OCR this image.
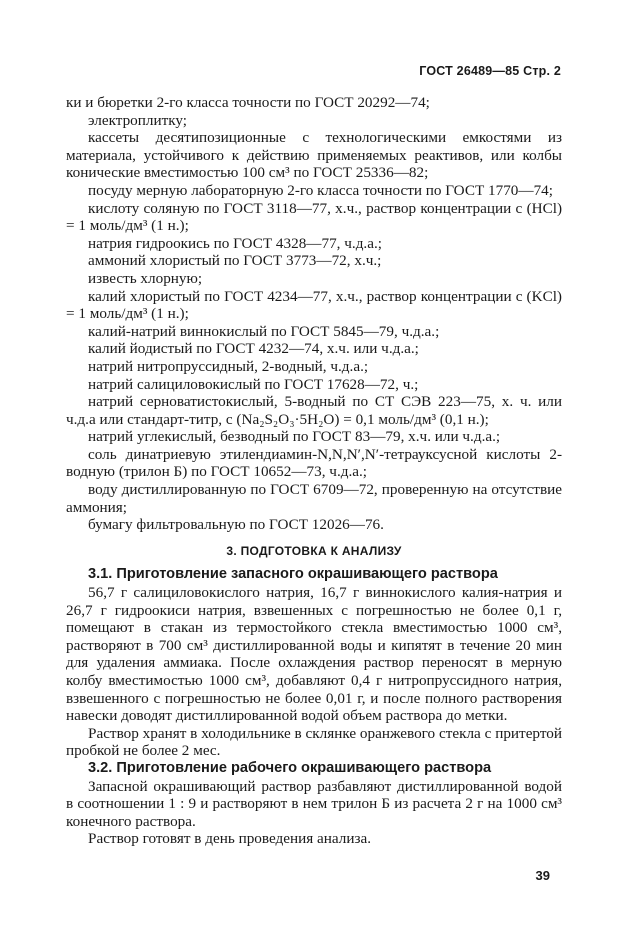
ГОСТ 26489—85 Стр. 2
ки и бюретки 2-го класса точности по ГОСТ 20292—74;
электроплитку;
кассеты десятипозиционные с технологическими емкостями из материала, устойчивого к действию применяемых реактивов, или колбы конические вместимостью 100 см³ по ГОСТ 25336—82;
посуду мерную лабораторную 2-го класса точности по ГОСТ 1770—74;
кислоту соляную по ГОСТ 3118—77, х.ч., раствор концентрации с (HCl) = 1 моль/дм³ (1 н.);
натрия гидроокись по ГОСТ 4328—77, ч.д.а.;
аммоний хлористый по ГОСТ 3773—72, х.ч.;
известь хлорную;
калий хлористый по ГОСТ 4234—77, х.ч., раствор концентрации с (KCl) = 1 моль/дм³ (1 н.);
калий-натрий виннокислый по ГОСТ 5845—79, ч.д.а.;
калий йодистый по ГОСТ 4232—74, х.ч. или ч.д.а.;
натрий нитропруссидный, 2-водный, ч.д.а.;
натрий салициловокислый по ГОСТ 17628—72, ч.;
натрий серноватистокислый, 5-водный по СТ СЭВ 223—75, х. ч. или ч.д.а или стандарт-титр, с (Na₂S₂O₃·5H₂O) = 0,1 моль/дм³ (0,1 н.);
натрий углекислый, безводный по ГОСТ 83—79, х.ч. или ч.д.а.;
соль динатриевую этилендиамин-N,N,N′,N′-тетрауксусной кислоты 2-водную (трилон Б) по ГОСТ 10652—73, ч.д.а.;
воду дистиллированную по ГОСТ 6709—72, проверенную на отсутствие аммония;
бумагу фильтровальную по ГОСТ 12026—76.
3. ПОДГОТОВКА К АНАЛИЗУ
3.1. Приготовление запасного окрашивающего раствора
56,7 г салициловокислого натрия, 16,7 г виннокислого калия-натрия и 26,7 г гидроокиси натрия, взвешенных с погрешностью не более 0,1 г, помещают в стакан из термостойкого стекла вместимостью 1000 см³, растворяют в 700 см³ дистиллированной воды и кипятят в течение 20 мин для удаления аммиака. После охлаждения раствор переносят в мерную колбу вместимостью 1000 см³, добавляют 0,4 г нитропруссидного натрия, взвешенного с погрешностью не более 0,01 г, и после полного растворения навески доводят дистиллированной водой объем раствора до метки.
Раствор хранят в холодильнике в склянке оранжевого стекла с притертой пробкой не более 2 мес.
3.2. Приготовление рабочего окрашивающего раствора
Запасной окрашивающий раствор разбавляют дистиллированной водой в соотношении 1 : 9 и растворяют в нем трилон Б из расчета 2 г на 1000 см³ конечного раствора.
Раствор готовят в день проведения анализа.
39
